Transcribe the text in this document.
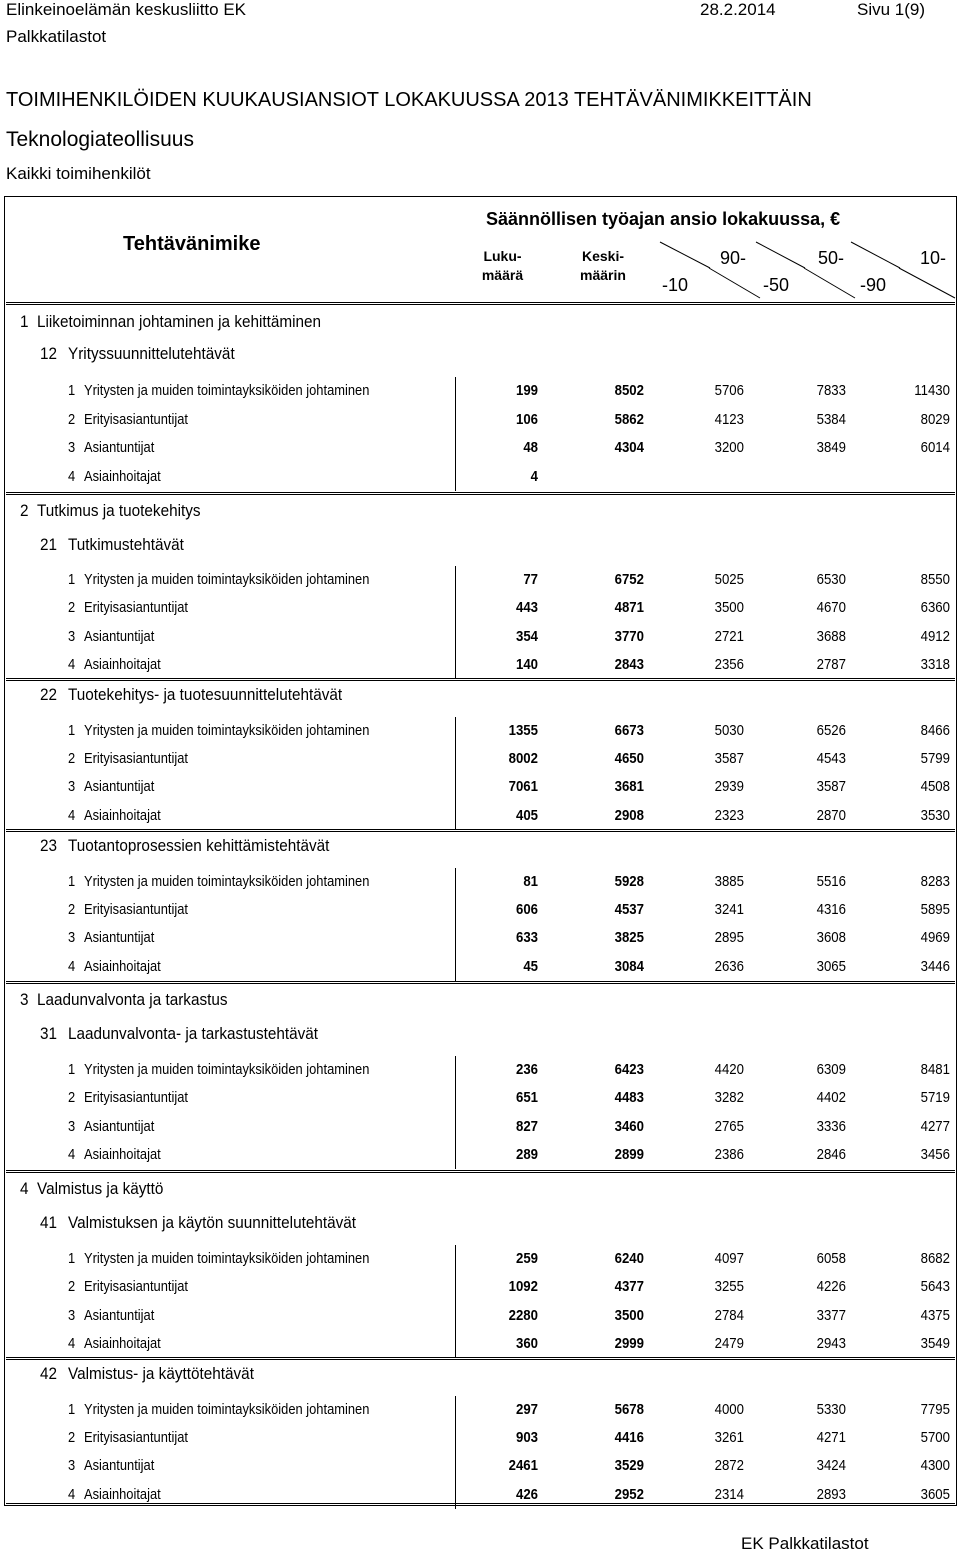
Elinkeinoelämän keskusliitto EK	28.2.2014	Sivu 1(9)
Palkkatilastot
TOIMIHENKILÖIDEN KUUKAUSIANSIOT LOKAKUUSSA 2013 TEHTÄVÄNIMIKKEITTÄIN
Teknologiateollisuus
Kaikki toimihenkilöt
Tehtävänimike
Säännöllisen työajan ansio lokakuussa, €
Luku-
määrä
Keski-
määrin
90-
-10
50-
-50
10-
-90
1 Liiketoiminnan johtaminen ja kehittäminen
12 Yrityssuunnittelutehtävät
1 Yritysten ja muiden toimintayksiköiden johtaminen	199	8502	5706	7833	11430
2 Erityisasiantuntijat	106	5862	4123	5384	8029
3 Asiantuntijat	48	4304	3200	3849	6014
4 Asiainhoitajat	4
2 Tutkimus ja tuotekehitys
21 Tutkimustehtävät
1 Yritysten ja muiden toimintayksiköiden johtaminen	77	6752	5025	6530	8550
2 Erityisasiantuntijat	443	4871	3500	4670	6360
3 Asiantuntijat	354	3770	2721	3688	4912
4 Asiainhoitajat	140	2843	2356	2787	3318
22 Tuotekehitys- ja tuotesuunnittelutehtävät
1 Yritysten ja muiden toimintayksiköiden johtaminen	1355	6673	5030	6526	8466
2 Erityisasiantuntijat	8002	4650	3587	4543	5799
3 Asiantuntijat	7061	3681	2939	3587	4508
4 Asiainhoitajat	405	2908	2323	2870	3530
23 Tuotantoprosessien kehittämistehtävät
1 Yritysten ja muiden toimintayksiköiden johtaminen	81	5928	3885	5516	8283
2 Erityisasiantuntijat	606	4537	3241	4316	5895
3 Asiantuntijat	633	3825	2895	3608	4969
4 Asiainhoitajat	45	3084	2636	3065	3446
3 Laadunvalvonta ja tarkastus
31 Laadunvalvonta- ja tarkastustehtävät
1 Yritysten ja muiden toimintayksiköiden johtaminen	236	6423	4420	6309	8481
2 Erityisasiantuntijat	651	4483	3282	4402	5719
3 Asiantuntijat	827	3460	2765	3336	4277
4 Asiainhoitajat	289	2899	2386	2846	3456
4 Valmistus ja käyttö
41 Valmistuksen ja käytön suunnittelutehtävät
1 Yritysten ja muiden toimintayksiköiden johtaminen	259	6240	4097	6058	8682
2 Erityisasiantuntijat	1092	4377	3255	4226	5643
3 Asiantuntijat	2280	3500	2784	3377	4375
4 Asiainhoitajat	360	2999	2479	2943	3549
42 Valmistus- ja käyttötehtävät
1 Yritysten ja muiden toimintayksiköiden johtaminen	297	5678	4000	5330	7795
2 Erityisasiantuntijat	903	4416	3261	4271	5700
3 Asiantuntijat	2461	3529	2872	3424	4300
4 Asiainhoitajat	426	2952	2314	2893	3605
EK Palkkatilastot
